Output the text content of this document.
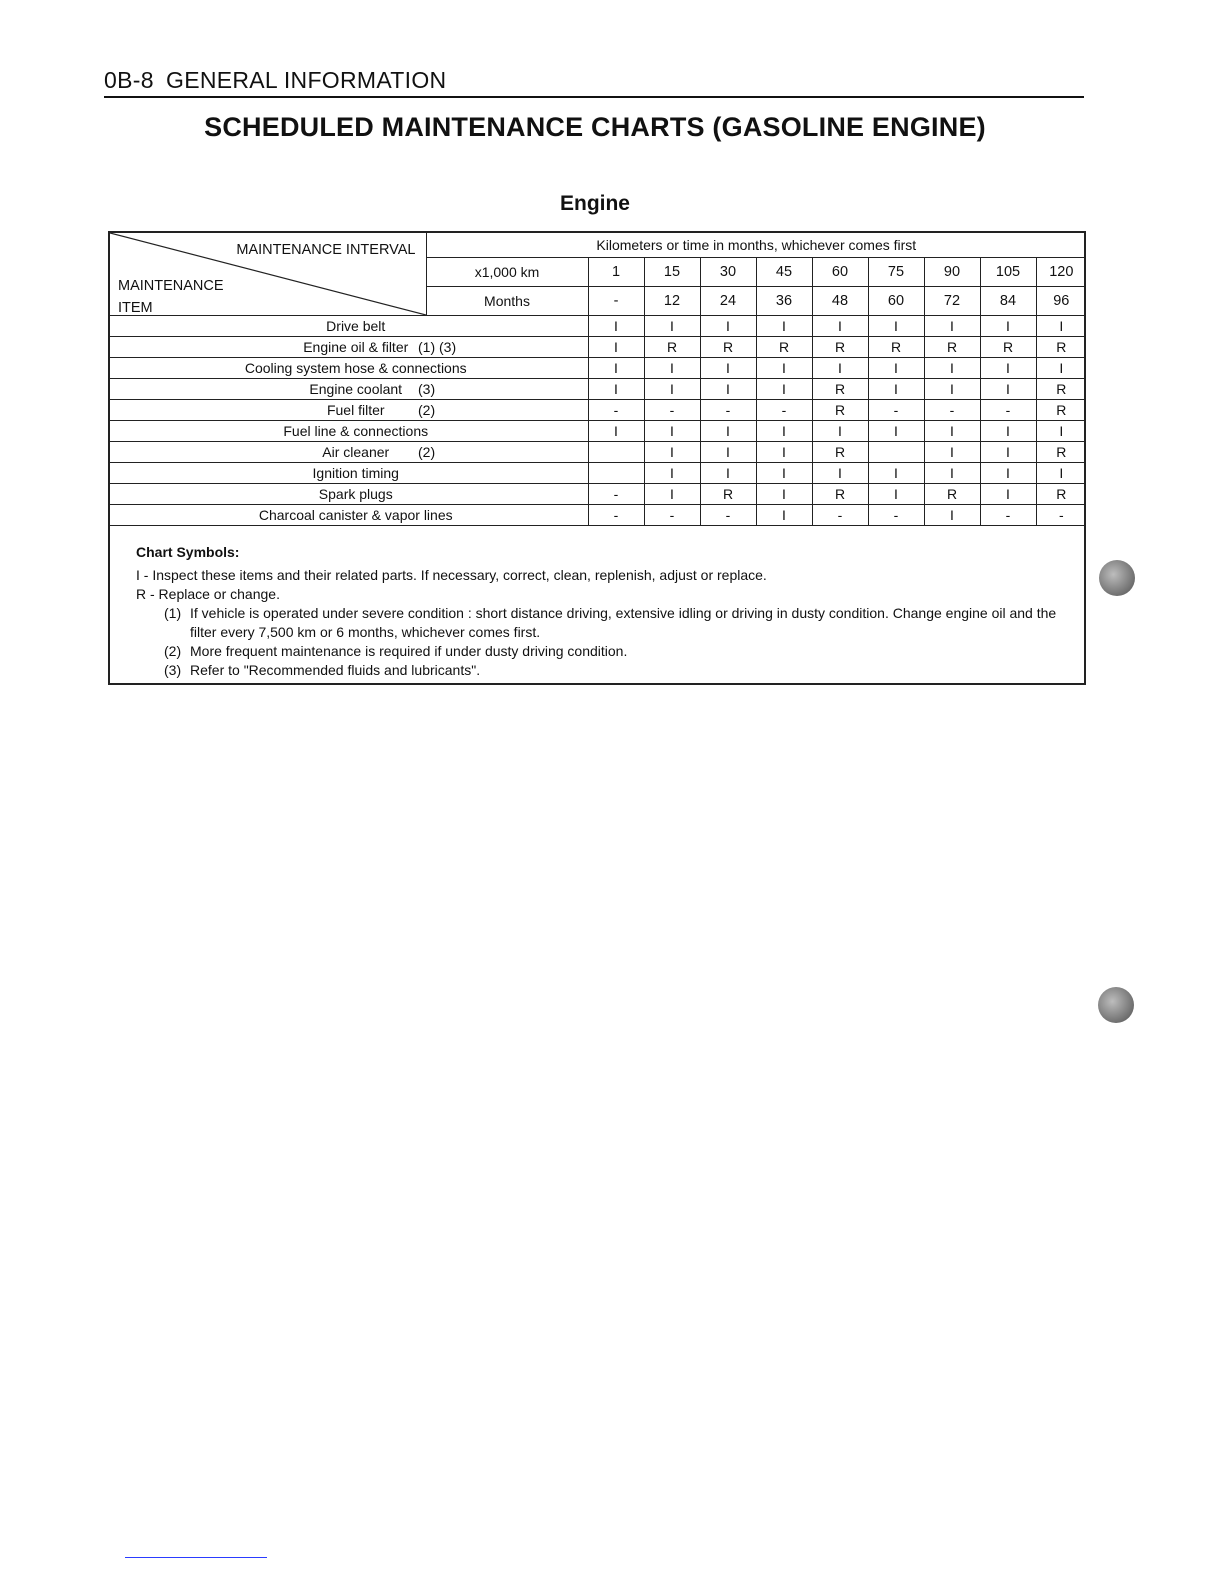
0B-8 GENERAL INFORMATION
SCHEDULED MAINTENANCE CHARTS (GASOLINE ENGINE)
Engine
MAINTENANCE INTERVAL
MAINTENANCE
ITEM	Kilometers or time in months, whichever comes first									
	x1,000 km	1	15	30	45	60	75	90	105	120
	Months	-	12	24	36	48	60	72	84	96
Drive belt		I	I	I	I	I	I	I	I	I
Engine oil & filter (1) (3)		I	R	R	R	R	R	R	R	R
Cooling system hose & connections		I	I	I	I	I	I	I	I	I
Engine coolant (3)		I	I	I	I	R	I	I	I	R
Fuel filter (2)		-	-	-	-	R	-	-	-	R
Fuel line & connections		I	I	I	I	I	I	I	I	I
Air cleaner (2)			I	I	I	R		I	I	R
Ignition timing			I	I	I	I	I	I	I	I
Spark plugs		-	I	R	I	R	I	R	I	R
Charcoal canister & vapor lines		-	-	-	I	-	-	I	-	-
Chart Symbols:
I - Inspect these items and their related parts. If necessary, correct, clean, replenish, adjust or replace.
R - Replace or change.
(1) If vehicle is operated under severe condition : short distance driving, extensive idling or driving in dusty condition. Change engine oil and the filter every 7,500 km or 6 months, whichever comes first.
(2) More frequent maintenance is required if under dusty driving condition.
(3) Refer to "Recommended fluids and lubricants".
